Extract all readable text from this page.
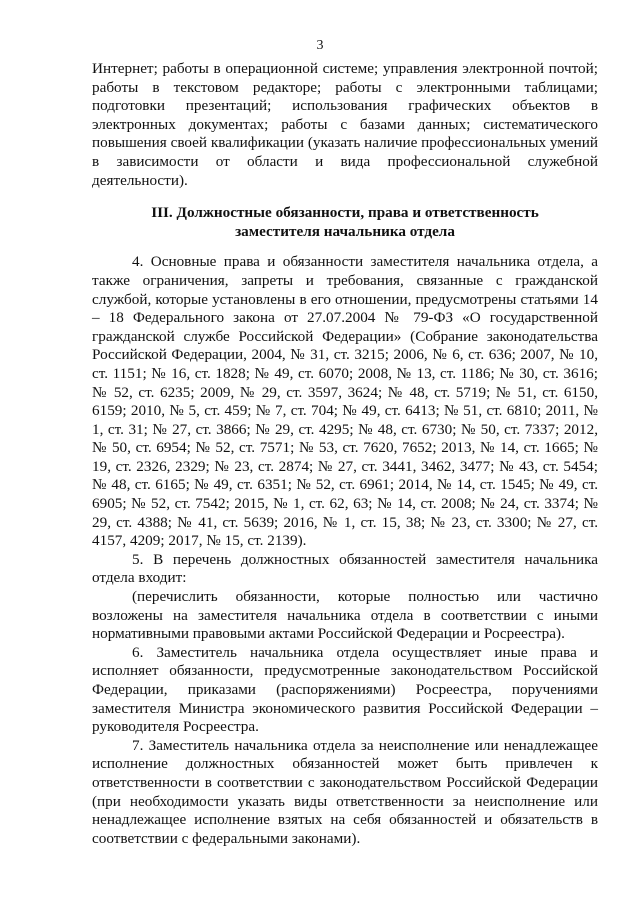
3

Интернет; работы в операционной системе; управления электронной почтой; работы в текстовом редакторе; работы с электронными таблицами; подготовки презентаций; использования графических объектов в электронных документах; работы с базами данных; систематического повышения своей квалификации (указать наличие профессиональных умений в зависимости от области и вида профессиональной служебной деятельности).

III. Должностные обязанности, права и ответственность
заместителя начальника отдела

4. Основные права и обязанности заместителя начальника отдела, а также ограничения, запреты и требования, связанные с гражданской службой, которые установлены в его отношении, предусмотрены статьями 14 – 18 Федерального закона от 27.07.2004 № 79-ФЗ «О государственной гражданской службе Российской Федерации» (Собрание законодательства Российской Федерации, 2004, № 31, ст. 3215; 2006, № 6, ст. 636; 2007, № 10, ст. 1151; № 16, ст. 1828; № 49, ст. 6070; 2008, № 13, ст. 1186; № 30, ст. 3616; № 52, ст. 6235; 2009, № 29, ст. 3597, 3624; № 48, ст. 5719; № 51, ст. 6150, 6159; 2010, № 5, ст. 459; № 7, ст. 704; № 49, ст. 6413; № 51, ст. 6810; 2011, № 1, ст. 31; № 27, ст. 3866; № 29, ст. 4295; № 48, ст. 6730; № 50, ст. 7337; 2012, № 50, ст. 6954; № 52, ст. 7571; № 53, ст. 7620, 7652; 2013, № 14, ст. 1665; № 19, ст. 2326, 2329; № 23, ст. 2874; № 27, ст. 3441, 3462, 3477; № 43, ст. 5454; № 48, ст. 6165; № 49, ст. 6351; № 52, ст. 6961; 2014, № 14, ст. 1545; № 49, ст. 6905; № 52, ст. 7542; 2015, № 1, ст. 62, 63; № 14, ст. 2008; № 24, ст. 3374; № 29, ст. 4388; № 41, ст. 5639; 2016, № 1, ст. 15, 38; № 23, ст. 3300; № 27, ст. 4157, 4209; 2017, № 15, ст. 2139).

5. В перечень должностных обязанностей заместителя начальника отдела входит:

(перечислить обязанности, которые полностью или частично возложены на заместителя начальника отдела в соответствии с иными нормативными правовыми актами Российской Федерации и Росреестра).

6. Заместитель начальника отдела осуществляет иные права и исполняет обязанности, предусмотренные законодательством Российской Федерации, приказами (распоряжениями) Росреестра, поручениями заместителя Министра экономического развития Российской Федерации – руководителя Росреестра.

7. Заместитель начальника отдела за неисполнение или ненадлежащее исполнение должностных обязанностей может быть привлечен к ответственности в соответствии с законодательством Российской Федерации (при необходимости указать виды ответственности за неисполнение или ненадлежащее исполнение взятых на себя обязанностей и обязательств в соответствии с федеральными законами).
